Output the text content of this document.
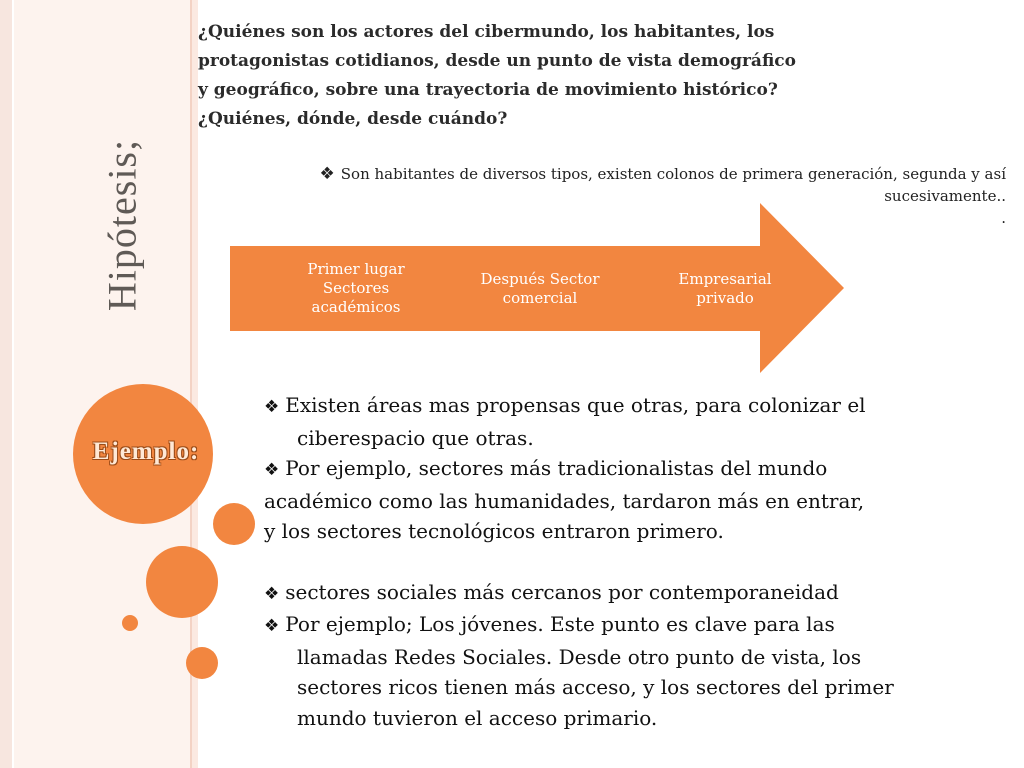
Hipótesis;
¿Quiénes son los actores del cibermundo, los habitantes, los
protagonistas cotidianos, desde un punto de vista demográfico
y geográfico, sobre una trayectoria de movimiento histórico?
¿Quiénes, dónde, desde cuándo?
❖ Son habitantes de diversos tipos, existen colonos de primera generación, segunda y así
sucesivamente..
.
Primer lugar
Sectores
académicos
Después Sector
comercial
Empresarial
privado
Ejemplo:

❖ Existen áreas mas propensas que otras, para colonizar el

ciberespacio que otras.

❖ Por ejemplo, sectores más tradicionalistas del mundo

académico como las humanidades, tardaron más en entrar,

y los sectores tecnológicos entraron primero.

❖ sectores sociales más cercanos por contemporaneidad

❖ Por ejemplo; Los jóvenes. Este punto es clave para las

llamadas Redes Sociales. Desde otro punto de vista, los

sectores ricos tienen más acceso, y los sectores del primer

mundo tuvieron el acceso primario.
